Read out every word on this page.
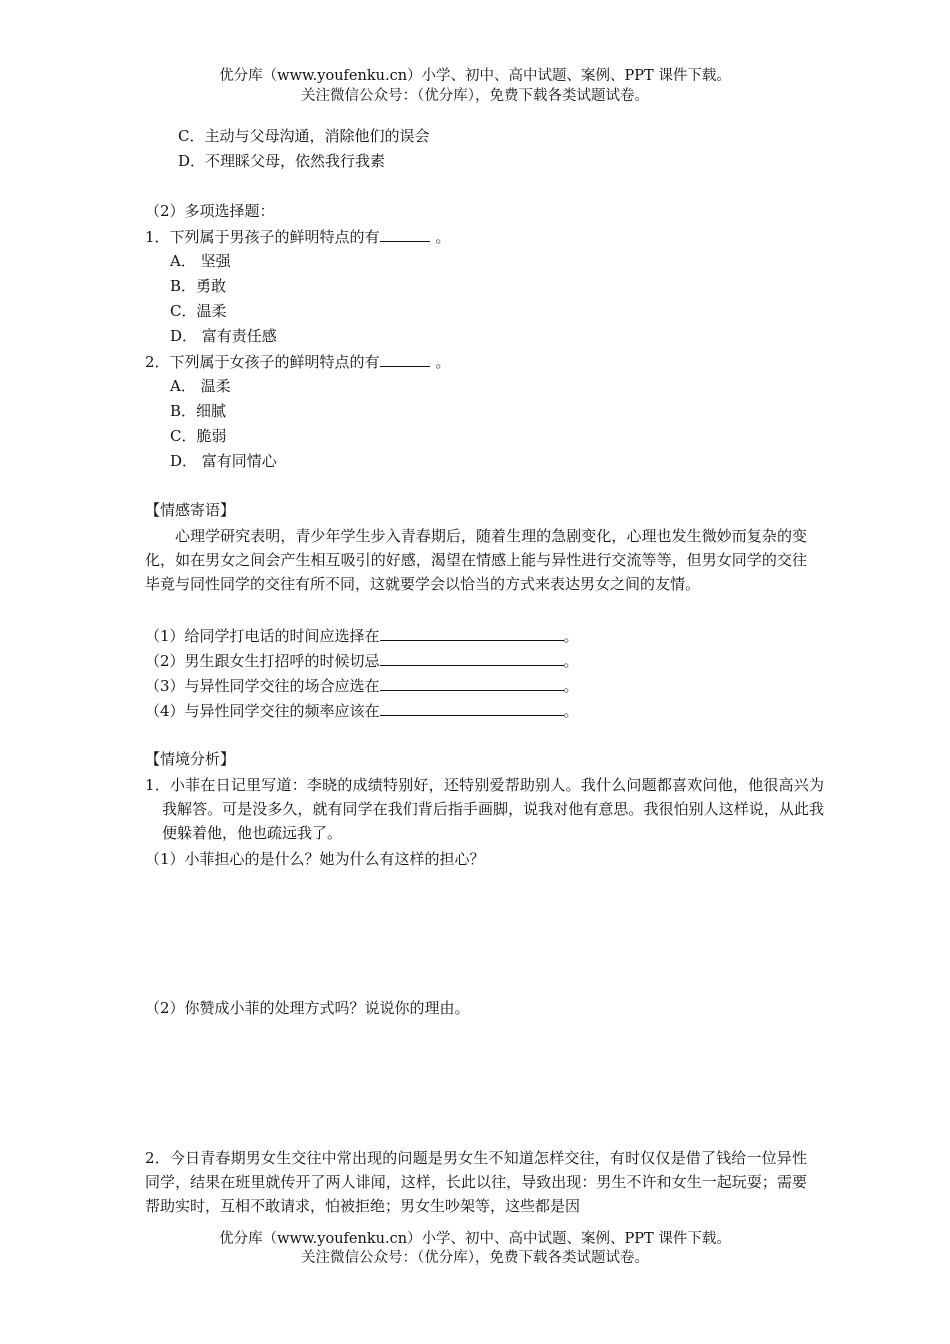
优分库（www.youfenku.cn）小学、初中、高中试题、案例、PPT 课件下载。
关注微信公众号：（优分库），免费下载各类试题试卷。
C．主动与父母沟通，消除他们的误会
D．不理睬父母，依然我行我素
（2）多项选择题：
1．下列属于男孩子的鲜明特点的有	。
A． 坚强
B．勇敢
C．温柔
D． 富有责任感
2．下列属于女孩子的鲜明特点的有	。
A． 温柔
B．细腻
C．脆弱
D． 富有同情心
【情感寄语】
心理学研究表明，青少年学生步入青春期后，随着生理的急剧变化，心理也发生微妙而复杂的变化，如在男女之间会产生相互吸引的好感，渴望在情感上能与异性进行交流等等，但男女同学的交往毕竟与同性同学的交往有所不同，这就要学会以恰当的方式来表达男女之间的友情。
（1）给同学打电话的时间应选择在	。
（2）男生跟女生打招呼的时候切忌	。
（3）与异性同学交往的场合应选在	。
（4）与异性同学交往的频率应该在	。
【情境分析】
1．小菲在日记里写道：李晓的成绩特别好，还特别爱帮助别人。我什么问题都喜欢问他，他很高兴为我解答。可是没多久，就有同学在我们背后指手画脚，说我对他有意思。我很怕别人这样说，从此我便躲着他，他也疏远我了。
（1）小菲担心的是什么？她为什么有这样的担心？
（2）你赞成小菲的处理方式吗？说说你的理由。
2．今日青春期男女生交往中常出现的问题是男女生不知道怎样交往，有时仅仅是借了钱给一位异性同学，结果在班里就传开了两人诽闻，这样，长此以往，导致出现：男生不许和女生一起玩耍；需要帮助实时，互相不敢请求，怕被拒绝；男女生吵架等，这些都是因
优分库（www.youfenku.cn）小学、初中、高中试题、案例、PPT 课件下载。
关注微信公众号：（优分库），免费下载各类试题试卷。
